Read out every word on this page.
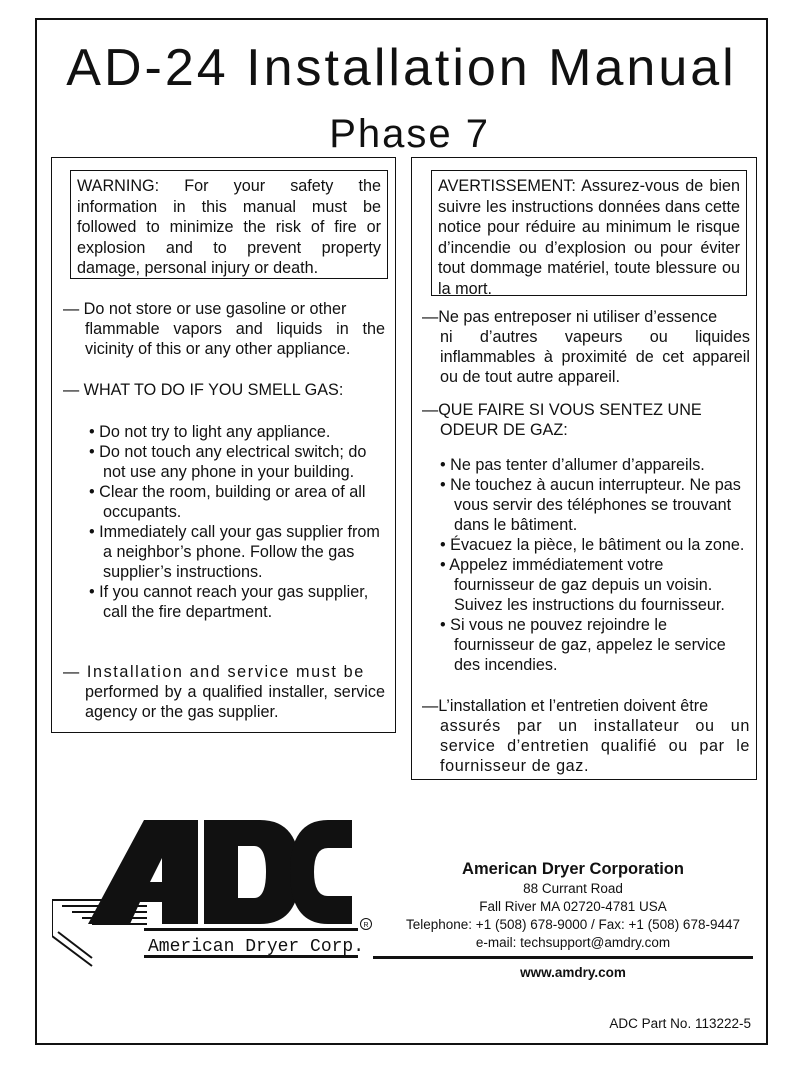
AD-24 Installation Manual
Phase 7
WARNING: For your safety the information in this manual must be followed to minimize the risk of fire or explosion and to prevent property damage, personal injury or death.
— Do not store or use gasoline or other
flammable vapors and liquids in the vicinity of this or any other appliance.
— WHAT TO DO IF YOU SMELL GAS:
• Do not try to light any appliance.
• Do not touch any electrical switch; do not use any phone in your building.
• Clear the room, building or area of all occupants.
• Immediately call your gas supplier from a neighbor’s phone. Follow the gas supplier’s instructions.
• If you cannot reach your gas supplier, call the fire department.
— Installation and service must be
performed by a qualified installer, service agency or the gas supplier.
AVERTISSEMENT: Assurez-vous de bien suivre les instructions données dans cette notice pour réduire au minimum le risque d’incendie ou d’explosion ou pour éviter tout dommage matériel, toute blessure ou la mort.
—Ne pas entreposer ni utiliser d’essence
ni d’autres vapeurs ou liquides inflammables à proximité de cet appareil ou de tout autre appareil.
—QUE FAIRE SI VOUS SENTEZ UNE
ODEUR DE GAZ:
• Ne pas tenter d’allumer d’appareils.
• Ne touchez à aucun interrupteur. Ne pas vous servir des téléphones se trouvant dans le bâtiment.
• Évacuez la pièce, le bâtiment ou la zone.
• Appelez immédiatement votre fournisseur de gaz depuis un voisin. Suivez les instructions du fournisseur.
• Si vous ne pouvez rejoindre le fournisseur de gaz, appelez le service des incendies.
—L’installation et l’entretien doivent être
assurés par un installateur ou un service d’entretien qualifié ou par le fournisseur de gaz.
American Dryer Corp.
R
American Dryer Corporation
88 Currant Road
Fall River MA 02720-4781 USA
Telephone: +1 (508) 678-9000 / Fax: +1 (508) 678-9447
e-mail: techsupport@amdry.com
www.amdry.com
ADC Part No. 113222-5
